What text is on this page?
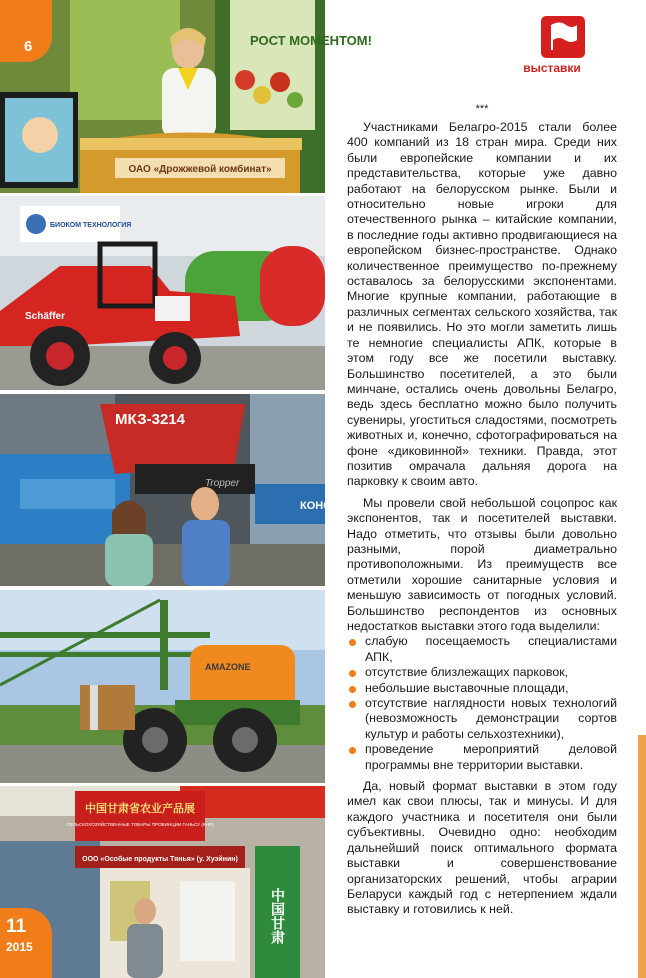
РОСТ МОМЕНТОМ!
ОАО «Дрожжевой комбинат»
БИОКОМ ТЕХНОЛОГИЯ
Schäffer
КОНС
МКЗ-3214
Tropper
AMAZONE
中国甘肃省农业产品展
СЕЛЬСКОХОЗЯЙСТВЕННЫЕ ТОВАРЫ ПРОВИНЦИИ ГАНЬСУ (КНР)
ООО «Особые продукты Тянья» (у. Хуэйнин)
中国甘肃
6
11
2015
выставки
***

Участниками Белагро-2015 стали более 400 компаний из 18 стран мира. Среди них были европейские компании и их представительства, которые уже давно работают на белорусском рынке. Были и относительно новые игроки для отечественного рынка – китайские компании, в последние годы активно продвигающиеся на европейском бизнес-пространстве. Однако количественное преимущество по-прежнему оставалось за белорусскими экспонентами. Многие крупные компании, работающие в различных сегментах сельского хозяйства, так и не появились. Но это могли заметить лишь те немногие специалисты АПК, которые в этом году все же посетили выставку. Большинство посетителей, а это были минчане, остались очень довольны Белагро, ведь здесь бесплатно можно было получить сувениры, угоститься сладостями, посмотреть животных и, конечно, сфотографироваться на фоне «диковинной» техники. Правда, этот позитив омрачала дальняя дорога на парковку к своим авто.

Мы провели свой небольшой соцопрос как экспонентов, так и посетителей выставки. Надо отметить, что отзывы были довольно разными, порой диаметрально противоположными. Из преимуществ все отметили хорошие санитарные условия и меньшую зависимость от погодных условий. Большинство респондентов из основных недостатков выставки этого года выделили:

слабую посещаемость специалистами АПК,
отсутствие близлежащих парковок,
небольшие выставочные площади,
отсутствие наглядности новых технологий (невозможность демонстрации сортов культур и работы сельхозтехники),
проведение мероприятий деловой программы вне территории выставки.

Да, новый формат выставки в этом году имел как свои плюсы, так и минусы. И для каждого участника и посетителя они были субъективны. Очевидно одно: необходим дальнейший поиск оптимального формата выставки и совершенствование организаторских решений, чтобы аграрии Беларуси каждый год с нетерпением ждали выставку и готовились к ней.
